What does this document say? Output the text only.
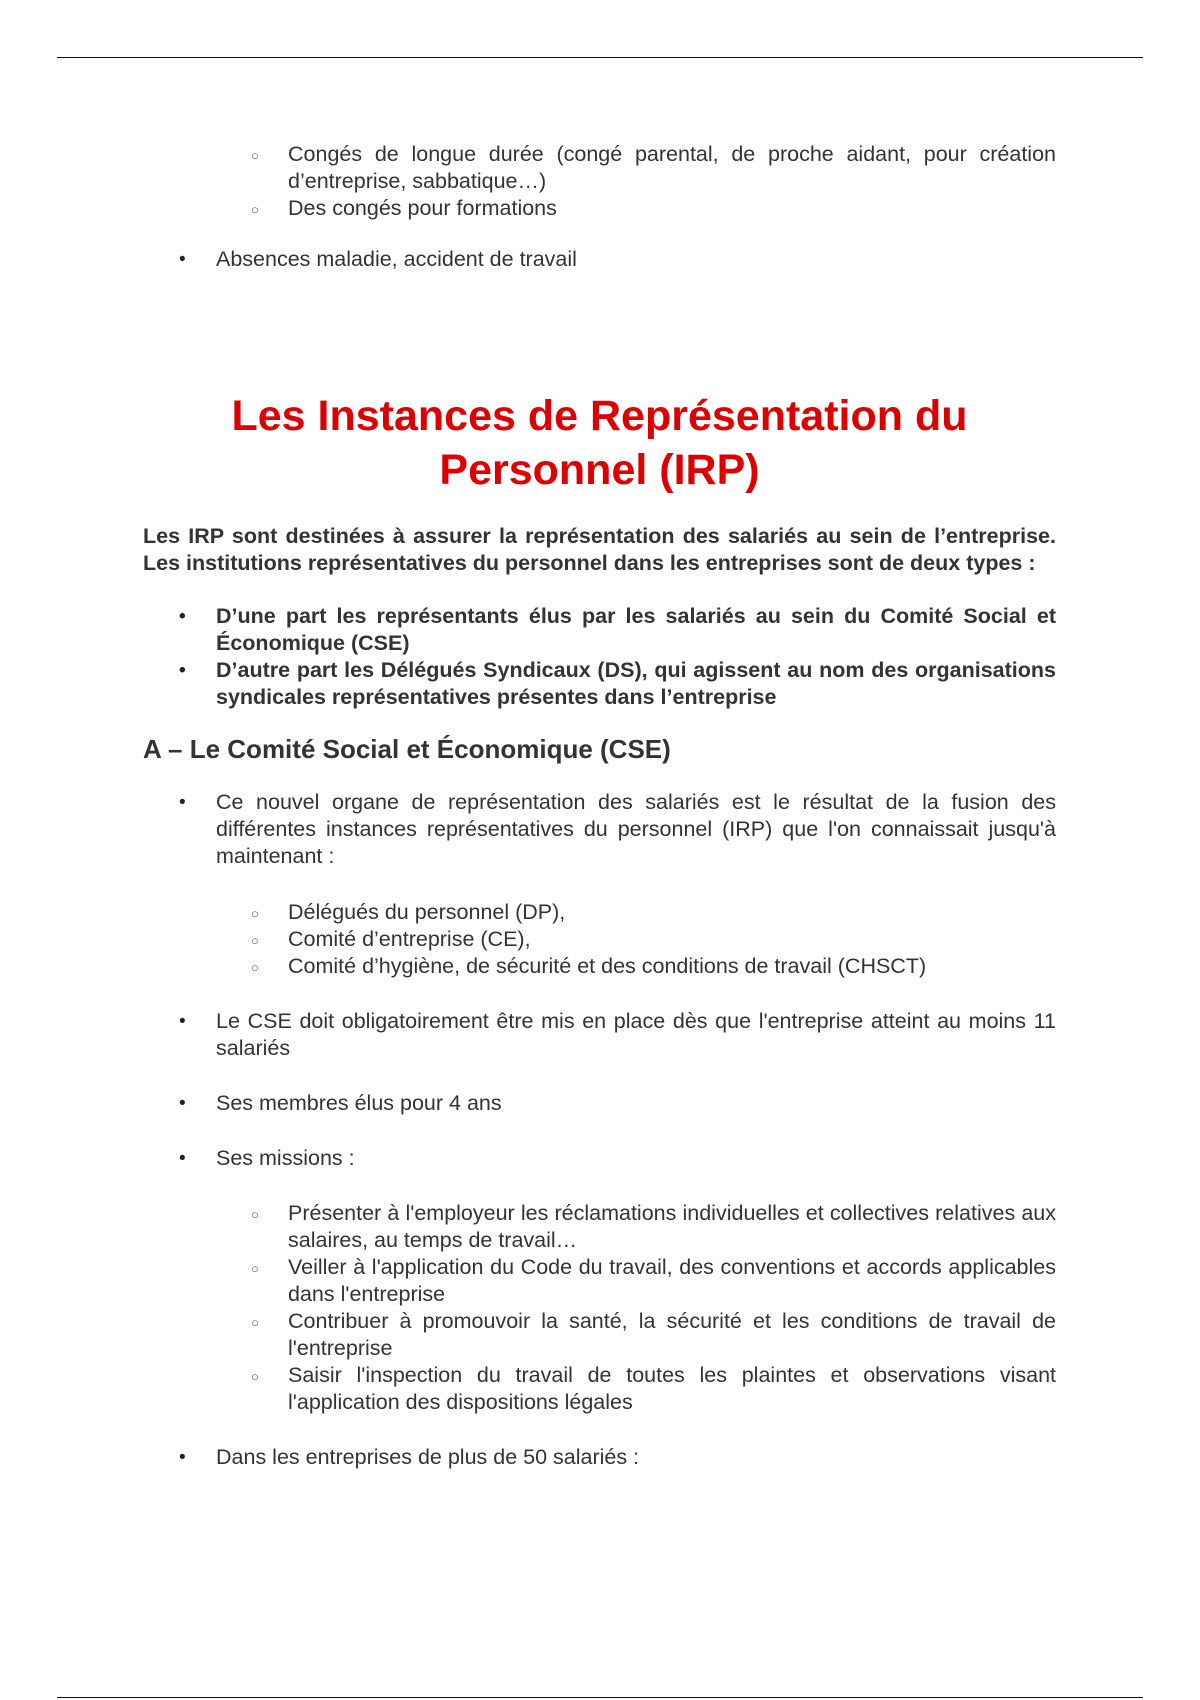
○ Congés de longue durée (congé parental, de proche aidant, pour création d’entreprise, sabbatique…)
○ Des congés pour formations
• Absences maladie, accident de travail
Les Instances de Représentation du
Personnel (IRP)

Les IRP sont destinées à assurer la représentation des salariés au sein de l’entreprise. Les institutions représentatives du personnel dans les entreprises sont de deux types :

• D’une part les représentants élus par les salariés au sein du Comité Social et Économique (CSE)
• D’autre part les Délégués Syndicaux (DS), qui agissent au nom des organisations syndicales représentatives présentes dans l’entreprise
A – Le Comité Social et Économique (CSE)
• Ce nouvel organe de représentation des salariés est le résultat de la fusion des différentes instances représentatives du personnel (IRP) que l'on connaissait jusqu'à maintenant :
○ Délégués du personnel (DP),
○ Comité d’entreprise (CE),
○ Comité d’hygiène, de sécurité et des conditions de travail (CHSCT)
• Le CSE doit obligatoirement être mis en place dès que l'entreprise atteint au moins 11 salariés
• Ses membres élus pour 4 ans
• Ses missions :
○ Présenter à l'employeur les réclamations individuelles et collectives relatives aux salaires, au temps de travail…
○ Veiller à l'application du Code du travail, des conventions et accords applicables dans l'entreprise
○ Contribuer à promouvoir la santé, la sécurité et les conditions de travail de l'entreprise
○ Saisir l'inspection du travail de toutes les plaintes et observations visant l'application des dispositions légales
• Dans les entreprises de plus de 50 salariés :
